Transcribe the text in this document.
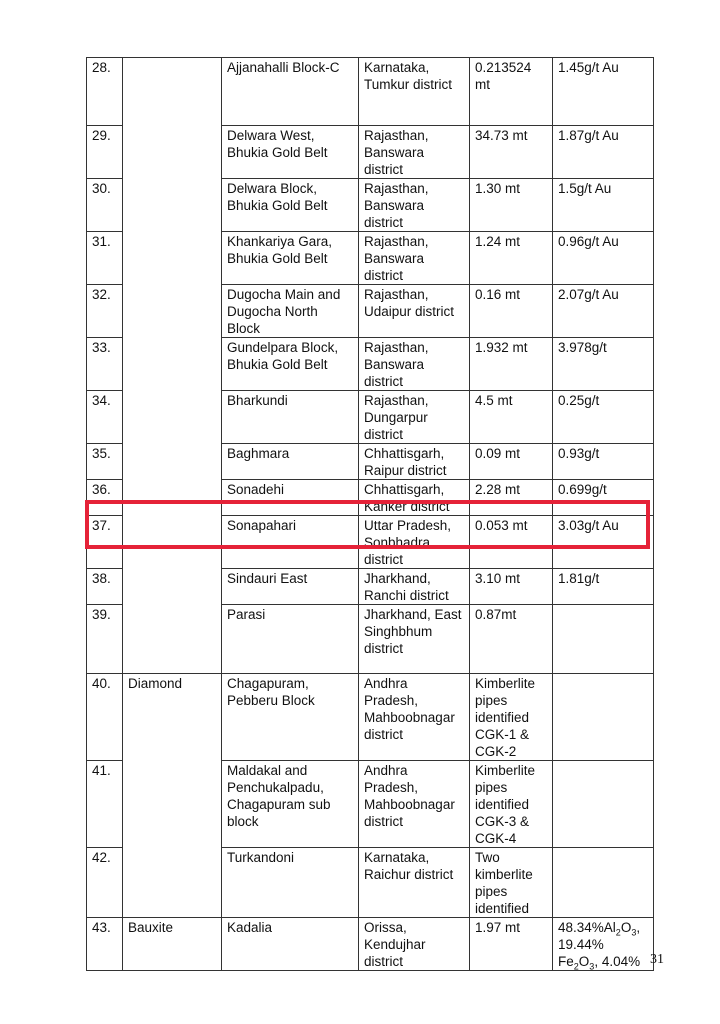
28.		Ajjanahalli Block-C	Karnataka, Tumkur district	0.213524 mt	1.45g/t Au
29.		Delwara West, Bhukia Gold Belt	Rajasthan, Banswara district	34.73 mt	1.87g/t Au
30.		Delwara Block, Bhukia Gold Belt	Rajasthan, Banswara district	1.30 mt	1.5g/t Au
31.		Khankariya Gara, Bhukia Gold Belt	Rajasthan, Banswara district	1.24 mt	0.96g/t Au
32.		Dugocha Main and Dugocha North Block	Rajasthan, Udaipur district	0.16 mt	2.07g/t Au
33.		Gundelpara Block, Bhukia Gold Belt	Rajasthan, Banswara district	1.932 mt	3.978g/t
34.		Bharkundi	Rajasthan, Dungarpur district	4.5 mt	0.25g/t
35.		Baghmara	Chhattisgarh, Raipur district	0.09 mt	0.93g/t
36.		Sonadehi	Chhattisgarh, Kanker district	2.28 mt	0.699g/t
37.		Sonapahari	Uttar Pradesh, Sonbhadra district	0.053 mt	3.03g/t Au
38.		Sindauri East	Jharkhand, Ranchi district	3.10 mt	1.81g/t
39.		Parasi	Jharkhand, East Singhbhum district	0.87mt	
40.	Diamond	Chagapuram, Pebberu Block	Andhra Pradesh, Mahboobnagar district	Kimberlite pipes identified CGK-1 & CGK-2	
41.		Maldakal and Penchukalpadu, Chagapuram sub block	Andhra Pradesh, Mahboobnagar district	Kimberlite pipes identified CGK-3 & CGK-4	
42.		Turkandoni	Karnataka, Raichur district	Two kimberlite pipes identified	
43.	Bauxite	Kadalia	Orissa, Kendujhar district	1.97 mt	$48.34\%Al_2O_3$, 19.44%
$Fe_2O_3$, 4.04% 31
